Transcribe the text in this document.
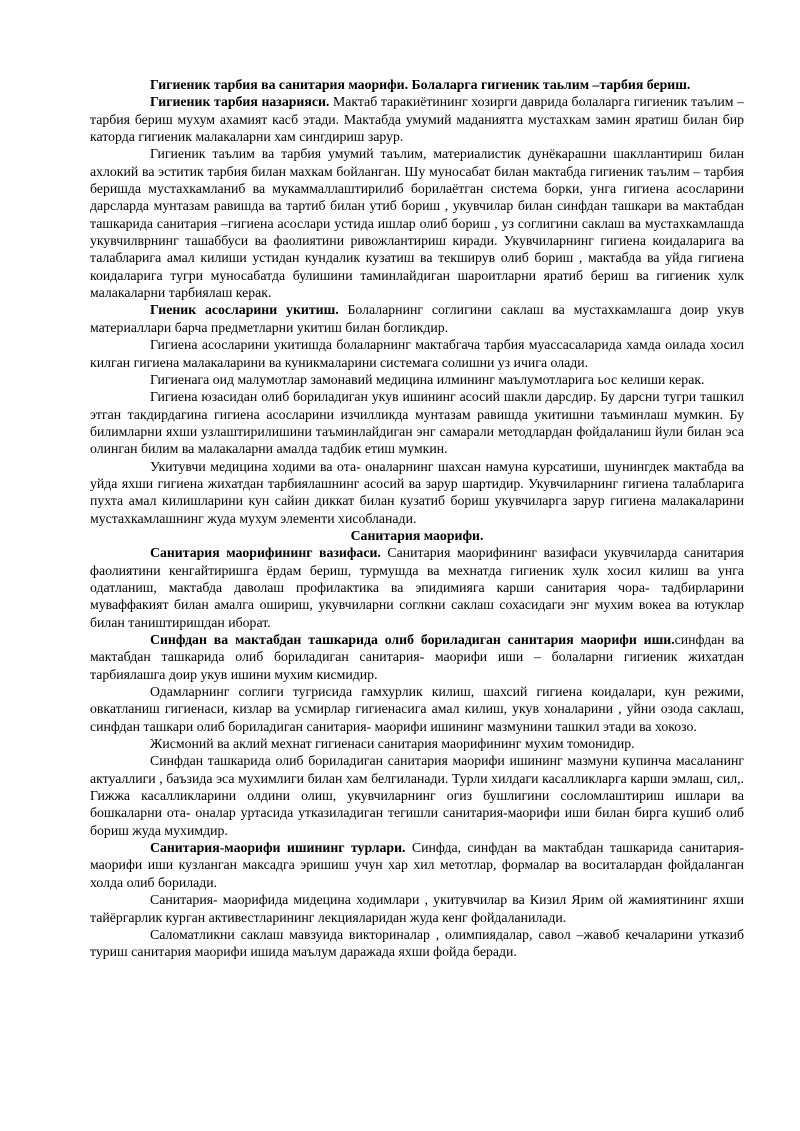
Гигиеник тарбия ва санитария маорифи. Болаларга гигиеник таьлим –тарбия бериш.

Гигиеник тарбия назарияси. Мактаб таракиётининг хозирги даврида болаларга гигиеник таълим – тарбия бериш мухум ахамият касб этади. Мактабда умумий маданиятга мустахкам замин яратиш билан бир катордa гигиеник малакаларни хам сингдириш зарур.

Гигиеник таълим ва тарбия умумий таълим, материалистик дунёкарашни шакллантириш билан ахлокий ва эститик тарбия билан махкам бойланган. Шу муносабат билан мактабда гигиеник таълим – тарбия беришда мустахкамланиб ва мукаммаллаштирилиб борилаётган система борки, унга гигиена асосларини дарсларда мунтазам равишда ва тартиб билан утиб бориш , укувчилар билан синфдан ташкари ва мактабдан ташкарида санитария –гигиена асослари устида ишлар олиб бориш , уз соглигини саклаш ва мустахкамлашда укувчилврнинг ташаббуси ва фаолиятини ривожлантириш киради. Укувчиларнинг гигиена коидаларига ва талабларига амал килиши устидан кундалик кузатиш ва текширув олиб бориш , мактабда ва уйда гигиена коидаларига тугри муносабатда булишини таминлайдиган шароитларни яратиб бериш ва гигиеник хулк малакаларни тарбиялаш керак.

Гиеник асосларини укитиш. Болаларнинг соглигини саклаш ва мустахкамлашга доир укув материаллари барча предметларни укитиш билан богликдир.

Гигиена асосларини укитишда болаларнинг мактабгача тарбия муассасаларида хамда оилада хосил килган гигиена малакаларини ва куникмаларини системага солишни уз ичига олади.

Гигиенага оид малумотлар замонавий медицина илмининг маълумотларига ьос келиши керак.

Гигиена юзасидан олиб бориладиган укув ишининг асосий шакли дарсдир. Бу дарсни тугри ташкил этган такдирдагина гигиена асосларини изчилликда мунтазам равишда укитишни таъминлаш мумкин. Бу билимларни яхши узлаштирилишини таъминлайдиган энг самарали методлардан фойдаланиш йули билан эса олинган билим ва малакаларни амалда тадбик етиш мумкин.

Укитувчи медицина ходими ва ота- оналарнинг шахсан намуна курсатиши, шунингдек мактабда ва уйда яхши гигиена жихатдан тарбиялашнинг асосий ва зарур шартидир. Укувчиларнинг гигиена талабларига пухта амал килишларини кун сайин диккат билан кузатиб бориш укувчиларга зарур гигиена малакаларини мустахкамлашнинг жуда мухум элементи хисобланади.

Санитария маорифи.

Санитария маорифининг вазифаси. Санитария маорифининг вазифаси укувчиларда санитария фаолиятини кенгайтиришга ёрдам бериш, турмушда ва мехнатда гигиеник хулк хосил килиш ва унга одатланиш, мактабда даволаш профилактика ва эпидимияга карши санитария чора- тадбирларини муваффакият билан амалга ошириш, укувчиларни соглкни саклаш сохасидаги энг мухим вокеа ва ютуклар билан таништиришдан иборат.

Синфдан ва мактабдан ташкарида олиб бориладиган санитария маорифи иши.синфдан ва мактабдан ташкарида олиб бориладиган санитария- маорифи иши – болаларни гигиеник жихатдан тарбиялашга доир укув ишини мухим кисмидир.

Одамларнинг соглиги тугрисида гамхурлик килиш, шахсий гигиена коидалари, кун режими, овкатланиш гигиенаси, кизлар ва усмирлар гигиенасига амал килиш, укув хоналарини , уйни озода саклаш, синфдан ташкари олиб бориладиган санитария- маорифи ишининг мазмунини ташкил этади ва хокозо.

Жисмоний ва аклий мехнат гигиенаси санитария маорифининг мухим томонидир.

Синфдан ташкарида олиб бориладиган санитария маорифи ишининг мазмуни купинча масаланинг актуаллиги , баъзида эса мухимлиги билан хам белгиланади. Турли хилдаги касалликларга карши эмлаш, сил,. Гижжа касалликларини олдини олиш, укувчиларнинг огиз бушлигини сосломлаштириш ишлари ва бошкаларни ота- оналар уртасида утказиладиган тегишли санитария-маорифи иши билан бирга кушиб олиб бориш жуда мухимдир.

Санитария-маорифи ишининг турлари. Синфда, синфдан ва мактабдан ташкарида санитария- маорифи иши кузланган максадга эришиш учун хар хил метотлар, формалар ва воситалардан фойдаланган холда олиб борилади.

Санитария- маорифида мидецина ходимлари , укитувчилар ва Кизил Ярим ой жамиятининг яхши тайёргарлик курган активестларининг лекцияларидан жуда кенг фойдаланилади.

Саломатликни саклаш мавзуида викториналар , олимпиядалар, савол –жавоб кечаларини утказиб туриш санитария маорифи ишида маълум даражада яхши фойда беради.
